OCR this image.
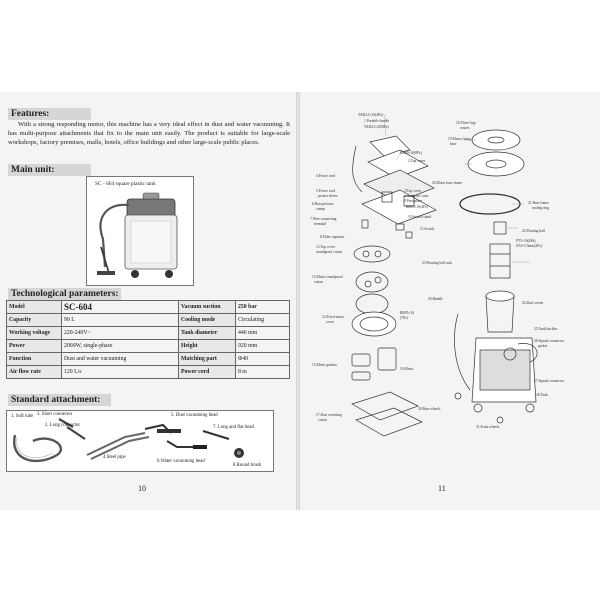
Features:
With a strong responding motor, this machine has a very ideal effect in dust and water vacuuming. It has multi-purpose attachments that fix to the main unit easily. The product is suitable for large-scale workshops, factory premises, malls, hotels, office buildings and other large-scale public places.
Main unit:
SC - 604 square plastic tank
Technological parameters:
Model	SC-604	Vacuum suction	250 bar
Capacity	90 L	Cooling mode	Circulating
Working voltage	220-240V~	Tank diameter	440 mm
Power	2000W, single-phase	Height	920 mm
Function	Dust and water vacuuming	Matching part	Φ40
Air flow rate	120 L/s	Power cord	8 m
Standard attachment:
1. Soft tube
2. Long connector
3. Short connector
4.Steel pipe
5. Dust vacuuming head
6.Water vacuuming head
7. Long and flat head
8.Round brush
10
TAB4.5×30(4Pz)
1.Portable handle
TAB4.5×20(8Pz)
18.Three-legs
rosters
19.Motor fixing
base
BB05×16(8Pz)
2.Top cover
4.Power cord
20.Motor base frame
5.Power cord
protect sleeve
3.Top cover
soundproof cotto
6.Bon pressure
cramp
9.Periophere
BB05×16(4Pz)
7.Wire connecting
terminal
10.Switch stand
21.Base frame
sealing ring
8.Filter capacitor
11.Switch
12.Top cover
soundproof cotton
22.Floating ball
PT5×16(4Pz)
ST4×3.5mm(2Pz)
13.Motor soundproof
cotton
23.Floating ball rack
29.Handle
24.Dust screen
14.Fixed motor
cover
BB05×16
(7Pz)
25.Tank buckles
26.Squash connector
gasket
15.Motor gaskets
16.Motor
27.Squash connector
28.Tank
30.Base wheels
17.Dust screening
cotton
31.Front wheels
11
